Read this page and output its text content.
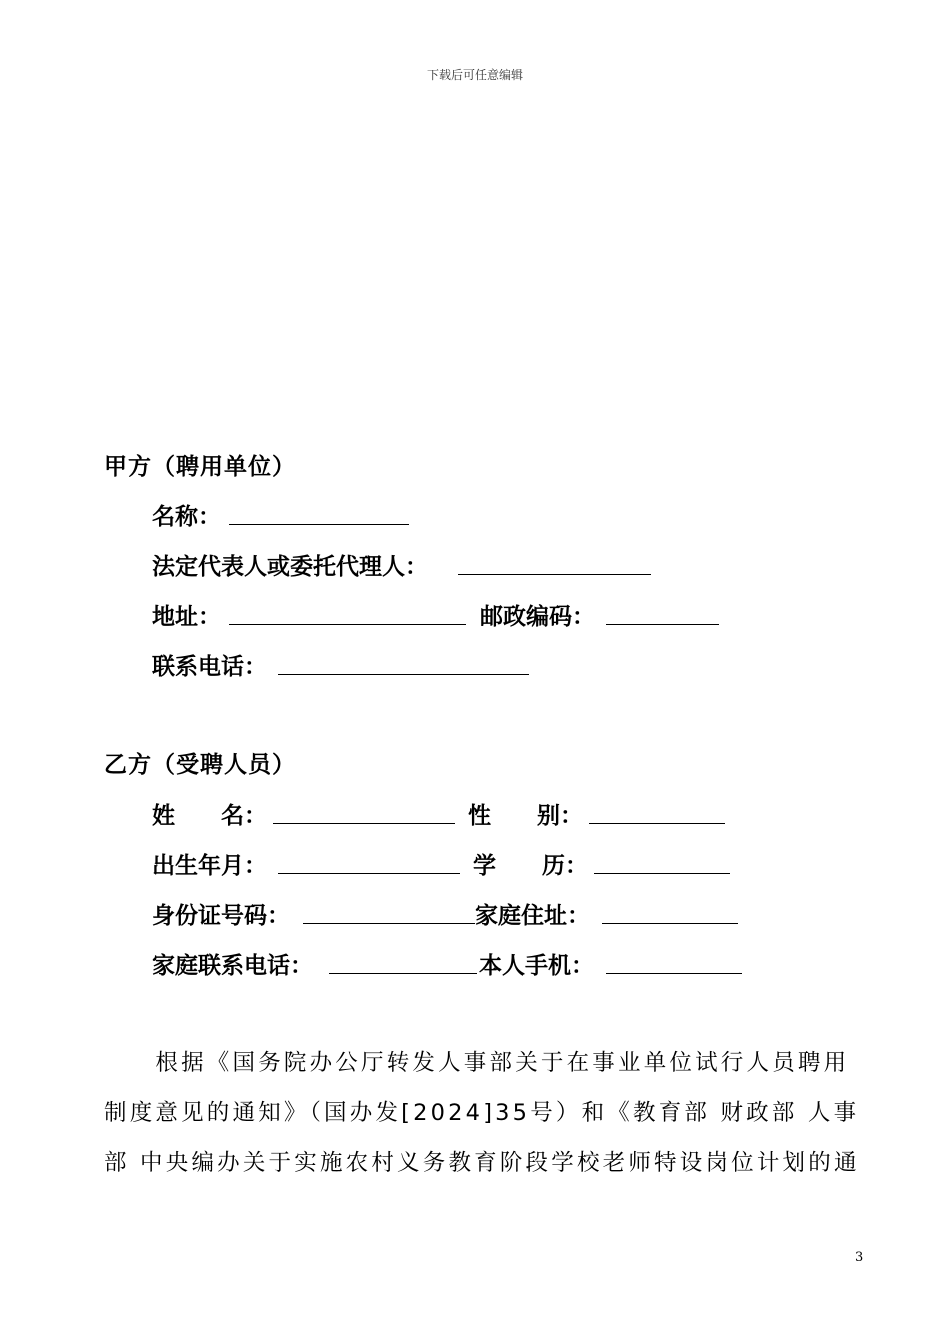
下载后可任意编辑
甲方（聘用单位）
名称：
法定代表人或委托代理人：
地址：	邮政编码：
联系电话：
乙方（受聘人员）
姓　　名：	性　　别：
出生年月：	学　　历：
身份证号码：	家庭住址：
家庭联系电话：	本人手机：
　　根据《国务院办公厅转发人事部关于在事业单位试行人员聘用
制度意见的通知》（国办发[2024]35号）和《教育部 财政部 人事
部 中央编办关于实施农村义务教育阶段学校老师特设岗位计划的通
3
